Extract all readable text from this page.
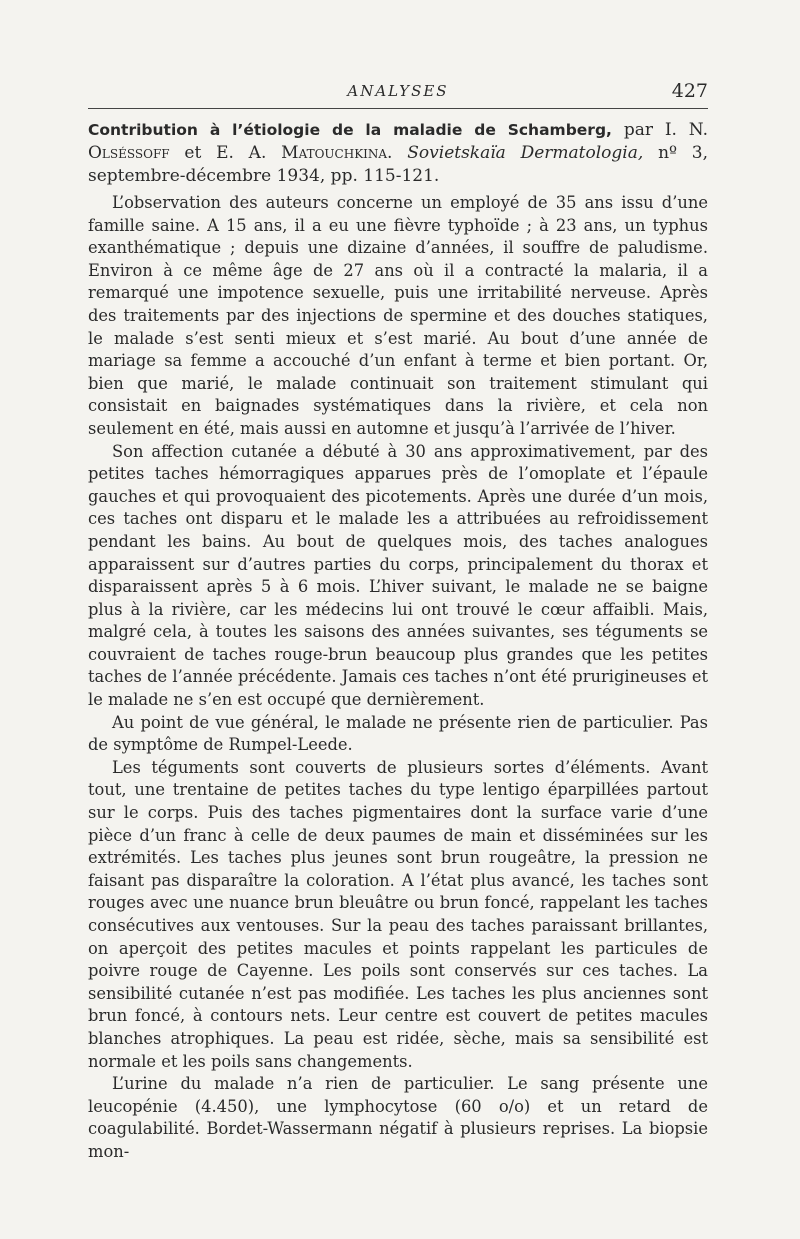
ANALYSES	427
Contribution à l’étiologie de la maladie de Schamberg, par I. N. Olséssoff et E. A. Matouchkina. Sovietskaïa Dermatologia, nº 3, septembre-décembre 1934, pp. 115-121.

L’observation des auteurs concerne un employé de 35 ans issu d’une famille saine. A 15 ans, il a eu une fièvre typhoïde ; à 23 ans, un typhus exanthématique ; depuis une dizaine d’années, il souffre de paludisme. Environ à ce même âge de 27 ans où il a contracté la malaria, il a remarqué une impotence sexuelle, puis une irritabilité nerveuse. Après des traitements par des injections de spermine et des douches statiques, le malade s’est senti mieux et s’est marié. Au bout d’une année de mariage sa femme a accouché d’un enfant à terme et bien portant. Or, bien que marié, le malade continuait son traitement stimulant qui consistait en baignades systématiques dans la rivière, et cela non seulement en été, mais aussi en automne et jusqu’à l’arrivée de l’hiver.

Son affection cutanée a débuté à 30 ans approximativement, par des petites taches hémorragiques apparues près de l’omoplate et l’épaule gauches et qui provoquaient des picotements. Après une durée d’un mois, ces taches ont disparu et le malade les a attribuées au refroidissement pendant les bains. Au bout de quelques mois, des taches analogues apparaissent sur d’autres parties du corps, principalement du thorax et disparaissent après 5 à 6 mois. L’hiver suivant, le malade ne se baigne plus à la rivière, car les médecins lui ont trouvé le cœur affaibli. Mais, malgré cela, à toutes les saisons des années suivantes, ses téguments se couvraient de taches rouge-brun beaucoup plus grandes que les petites taches de l’année précédente. Jamais ces taches n’ont été prurigineuses et le malade ne s’en est occupé que dernièrement.

Au point de vue général, le malade ne présente rien de particulier. Pas de symptôme de Rumpel-Leede.

Les téguments sont couverts de plusieurs sortes d’éléments. Avant tout, une trentaine de petites taches du type lentigo éparpillées partout sur le corps. Puis des taches pigmentaires dont la surface varie d’une pièce d’un franc à celle de deux paumes de main et disséminées sur les extrémités. Les taches plus jeunes sont brun rougeâtre, la pression ne faisant pas disparaître la coloration. A l’état plus avancé, les taches sont rouges avec une nuance brun bleuâtre ou brun foncé, rappelant les taches consécutives aux ventouses. Sur la peau des taches paraissant brillantes, on aperçoit des petites macules et points rappelant les particules de poivre rouge de Cayenne. Les poils sont conservés sur ces taches. La sensibilité cutanée n’est pas modifiée. Les taches les plus anciennes sont brun foncé, à contours nets. Leur centre est couvert de petites macules blanches atrophiques. La peau est ridée, sèche, mais sa sensibilité est normale et les poils sans changements.

L’urine du malade n’a rien de particulier. Le sang présente une leucopénie (4.450), une lymphocytose (60 o/o) et un retard de coagulabilité. Bordet-Wassermann négatif à plusieurs reprises. La biopsie mon-
